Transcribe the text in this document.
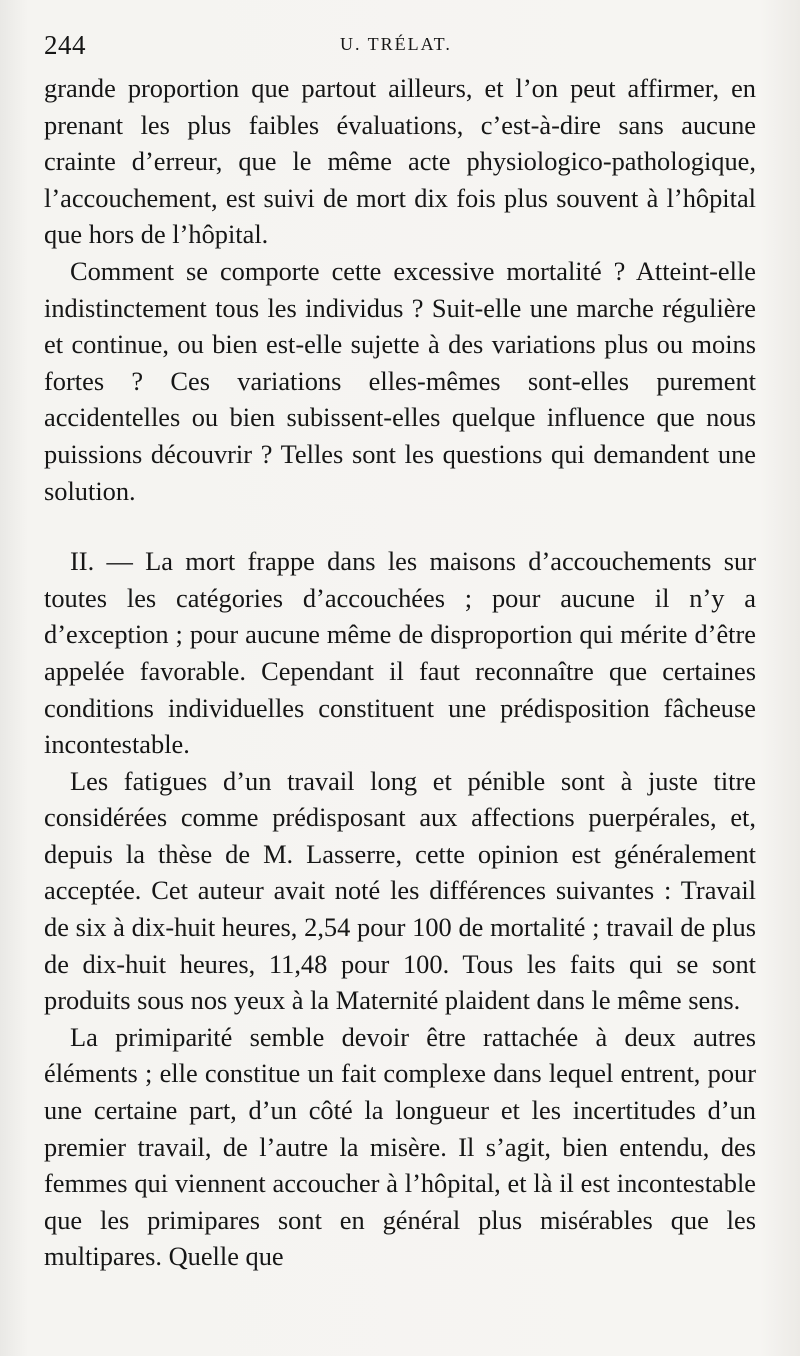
244	U. TRÉLAT.

grande proportion que partout ailleurs, et l’on peut affirmer, en prenant les plus faibles évaluations, c’est-à-dire sans aucune crainte d’erreur, que le même acte physiologico-pathologique, l’accouchement, est suivi de mort dix fois plus souvent à l’hôpital que hors de l’hôpital.

Comment se comporte cette excessive mortalité ? Atteint-elle indistinctement tous les individus ? Suit-elle une marche régulière et continue, ou bien est-elle sujette à des variations plus ou moins fortes ? Ces variations elles-mêmes sont-elles purement accidentelles ou bien subissent-elles quelque influence que nous puissions découvrir ? Telles sont les questions qui demandent une solution.

II. — La mort frappe dans les maisons d’accouchements sur toutes les catégories d’accouchées ; pour aucune il n’y a d’exception ; pour aucune même de disproportion qui mérite d’être appelée favorable. Cependant il faut reconnaître que certaines conditions individuelles constituent une prédisposition fâcheuse incontestable.

Les fatigues d’un travail long et pénible sont à juste titre considérées comme prédisposant aux affections puerpérales, et, depuis la thèse de M. Lasserre, cette opinion est généralement acceptée. Cet auteur avait noté les différences suivantes : Travail de six à dix-huit heures, 2,54 pour 100 de mortalité ; travail de plus de dix-huit heures, 11,48 pour 100. Tous les faits qui se sont produits sous nos yeux à la Maternité plaident dans le même sens.

La primiparité semble devoir être rattachée à deux autres éléments ; elle constitue un fait complexe dans lequel entrent, pour une certaine part, d’un côté la longueur et les incertitudes d’un premier travail, de l’autre la misère. Il s’agit, bien entendu, des femmes qui viennent accoucher à l’hôpital, et là il est incontestable que les primipares sont en général plus misérables que les multipares. Quelle que
